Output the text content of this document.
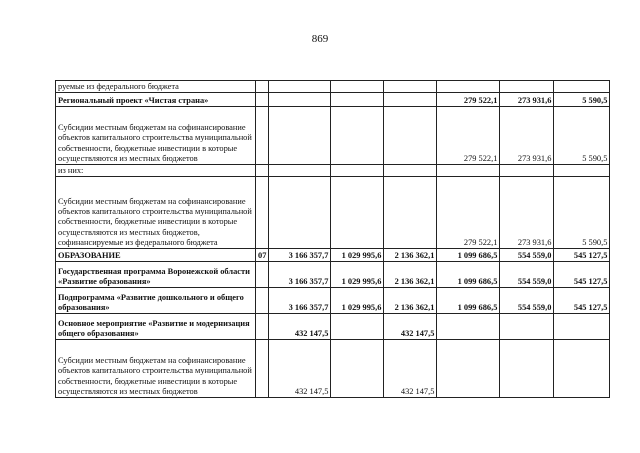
869
руемые из федерального бюджета							
Региональный проект «Чистая страна»					279 522,1	273 931,6	5 590,5
Субсидии местным бюджетам на софинансирование объектов капитального строительства муниципальной собственности, бюджетные инвестиции в которые осуществляются из местных бюджетов					279 522,1	273 931,6	5 590,5
из них:							
Субсидии местным бюджетам на софинансирование объектов капитального строительства муниципальной собственности, бюджетные инвестиции в которые осуществляются из местных бюджетов, софинансируемые из федерального бюджета					279 522,1	273 931,6	5 590,5
ОБРАЗОВАНИЕ	07	3 166 357,7	1 029 995,6	2 136 362,1	1 099 686,5	554 559,0	545 127,5
Государственная программа Воронежской области «Развитие образования»		3 166 357,7	1 029 995,6	2 136 362,1	1 099 686,5	554 559,0	545 127,5
Подпрограмма «Развитие дошкольного и общего образования»		3 166 357,7	1 029 995,6	2 136 362,1	1 099 686,5	554 559,0	545 127,5
Основное мероприятие «Развитие и модернизация общего образования»		432 147,5		432 147,5			
Субсидии местным бюджетам на софинансирование объектов капитального строительства муниципальной собственности, бюджетные инвестиции в которые осуществляются из местных бюджетов		432 147,5		432 147,5			
